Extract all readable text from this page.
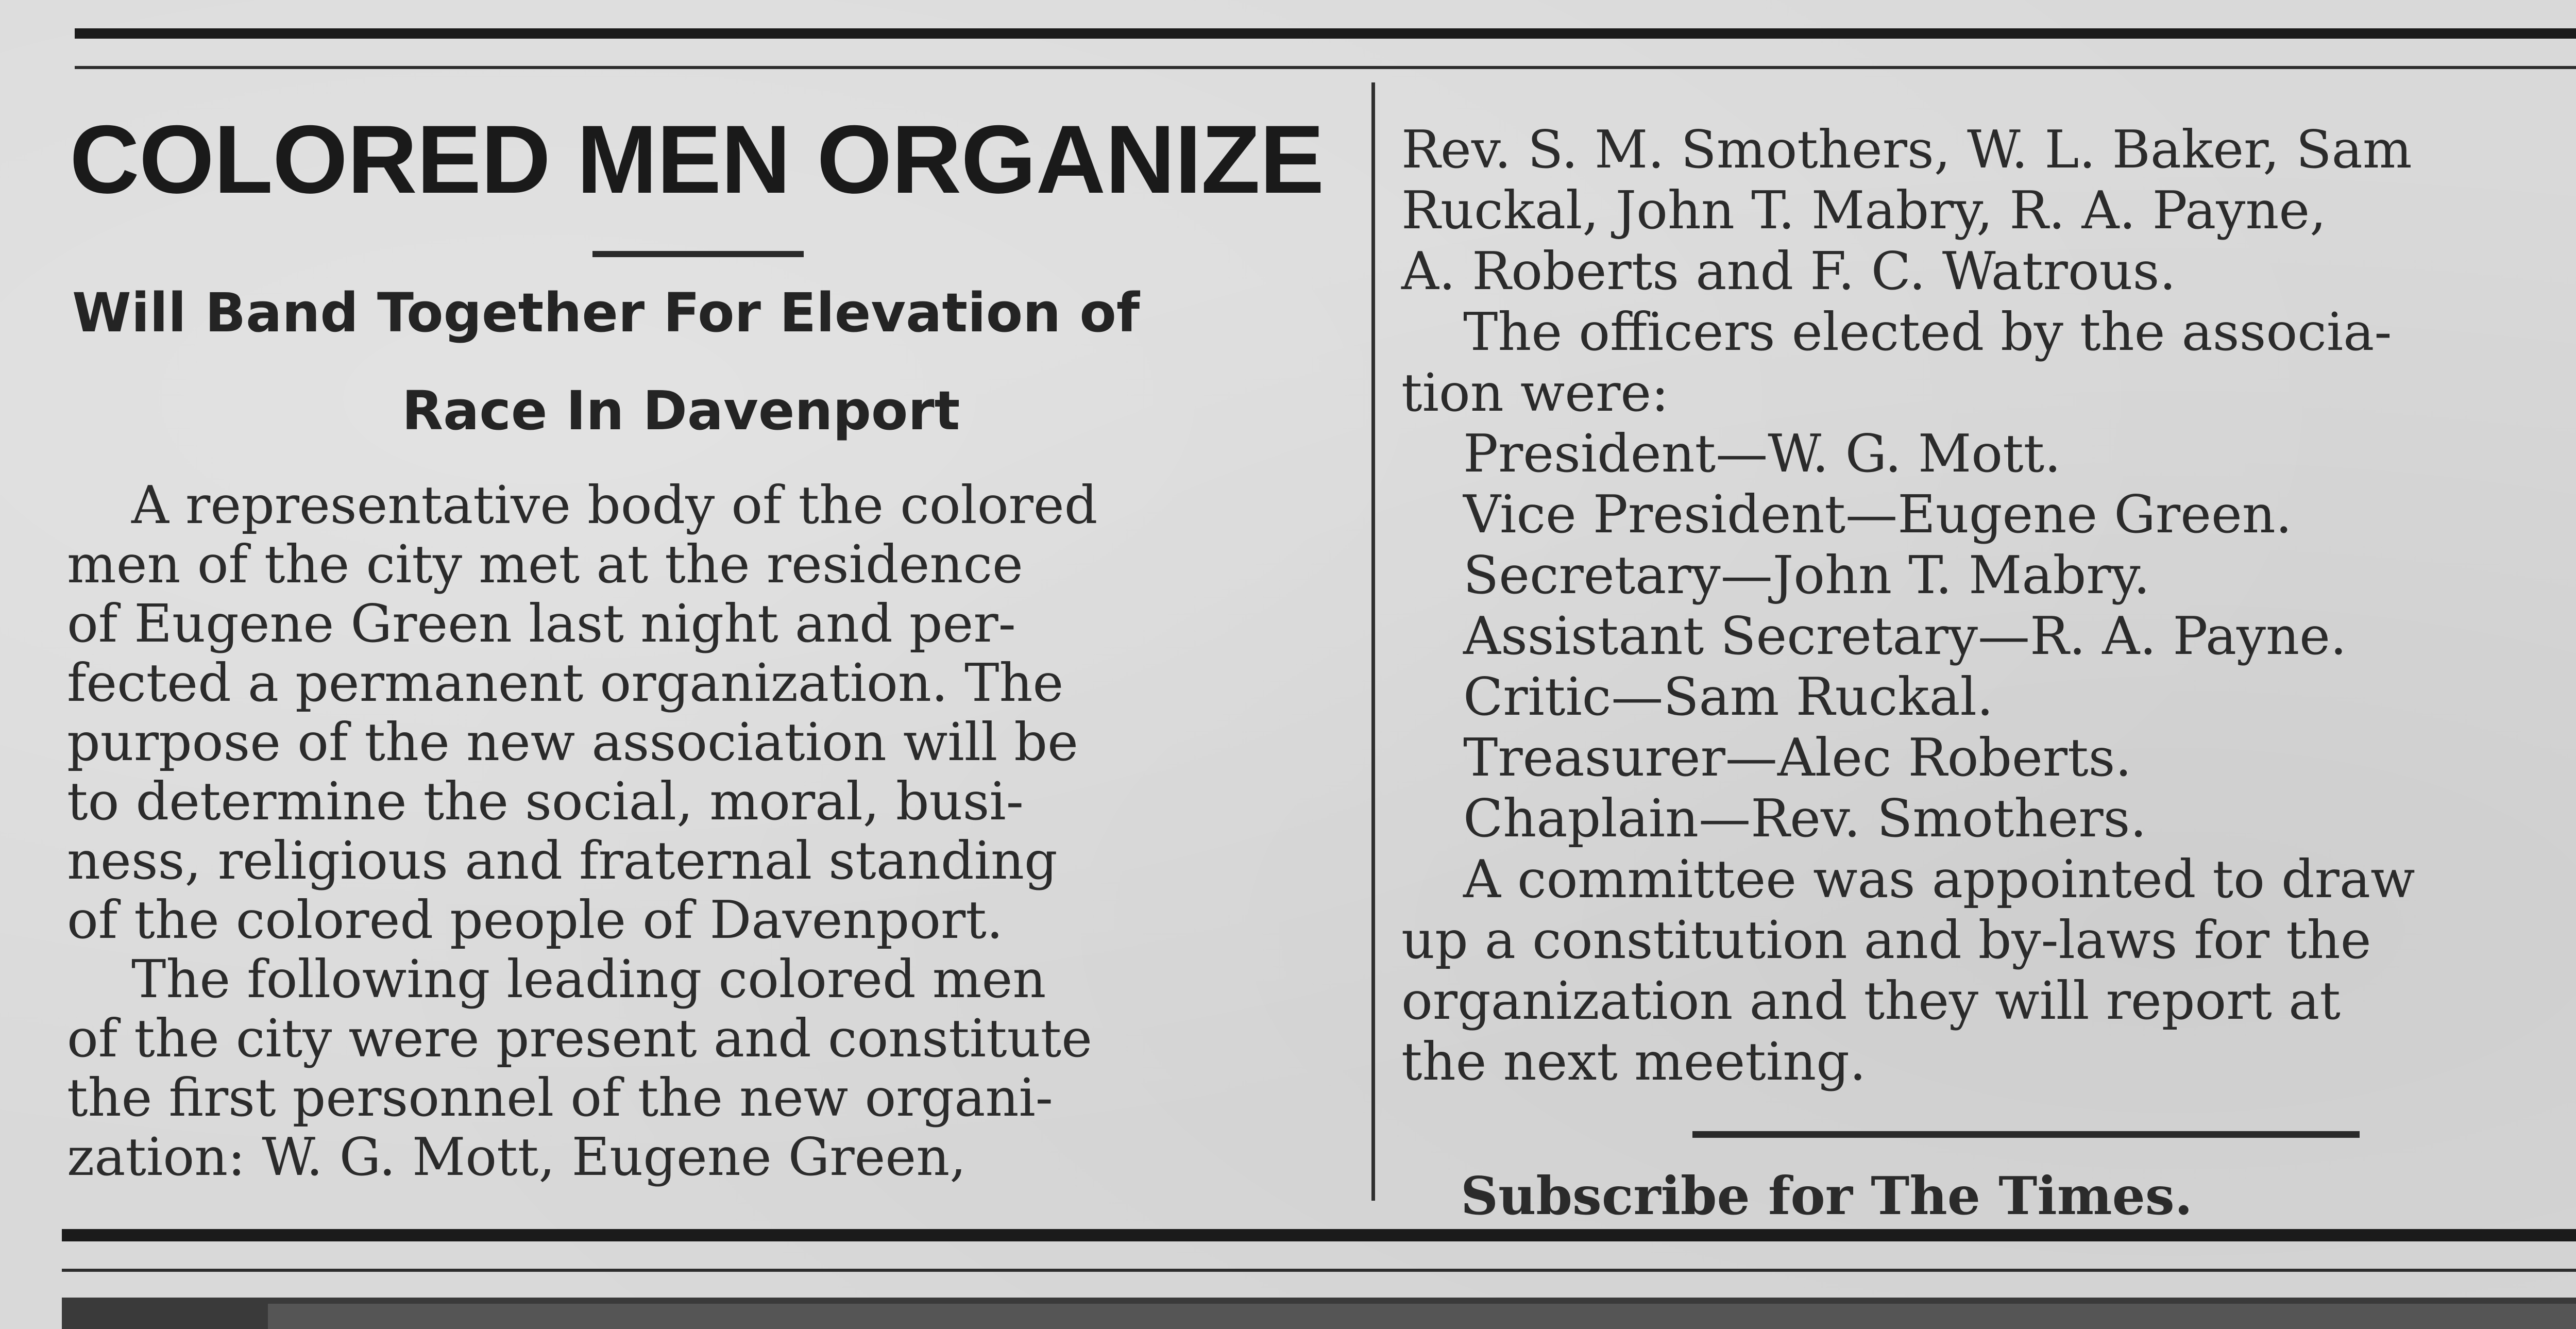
COLORED MEN ORGANIZE
Will Band Together For Elevation of
Race In Davenport
A representative body of the colored
men of the city met at the residence
of Eugene Green last night and per-
fected a permanent organization. The
purpose of the new association will be
to determine the social, moral, busi-
ness, religious and fraternal standing
of the colored people of Davenport.
The following leading colored men
of the city were present and constitute
the first personnel of the new organi-
zation: W. G. Mott, Eugene Green,
Rev. S. M. Smothers, W. L. Baker, Sam
Ruckal, John T. Mabry, R. A. Payne,
A. Roberts and F. C. Watrous.
The officers elected by the associa-
tion were:
President—W. G. Mott.
Vice President—Eugene Green.
Secretary—John T. Mabry.
Assistant Secretary—R. A. Payne.
Critic—Sam Ruckal.
Treasurer—Alec Roberts.
Chaplain—Rev. Smothers.
A committee was appointed to draw
up a constitution and by-laws for the
organization and they will report at
the next meeting.
Subscribe for The Times.
